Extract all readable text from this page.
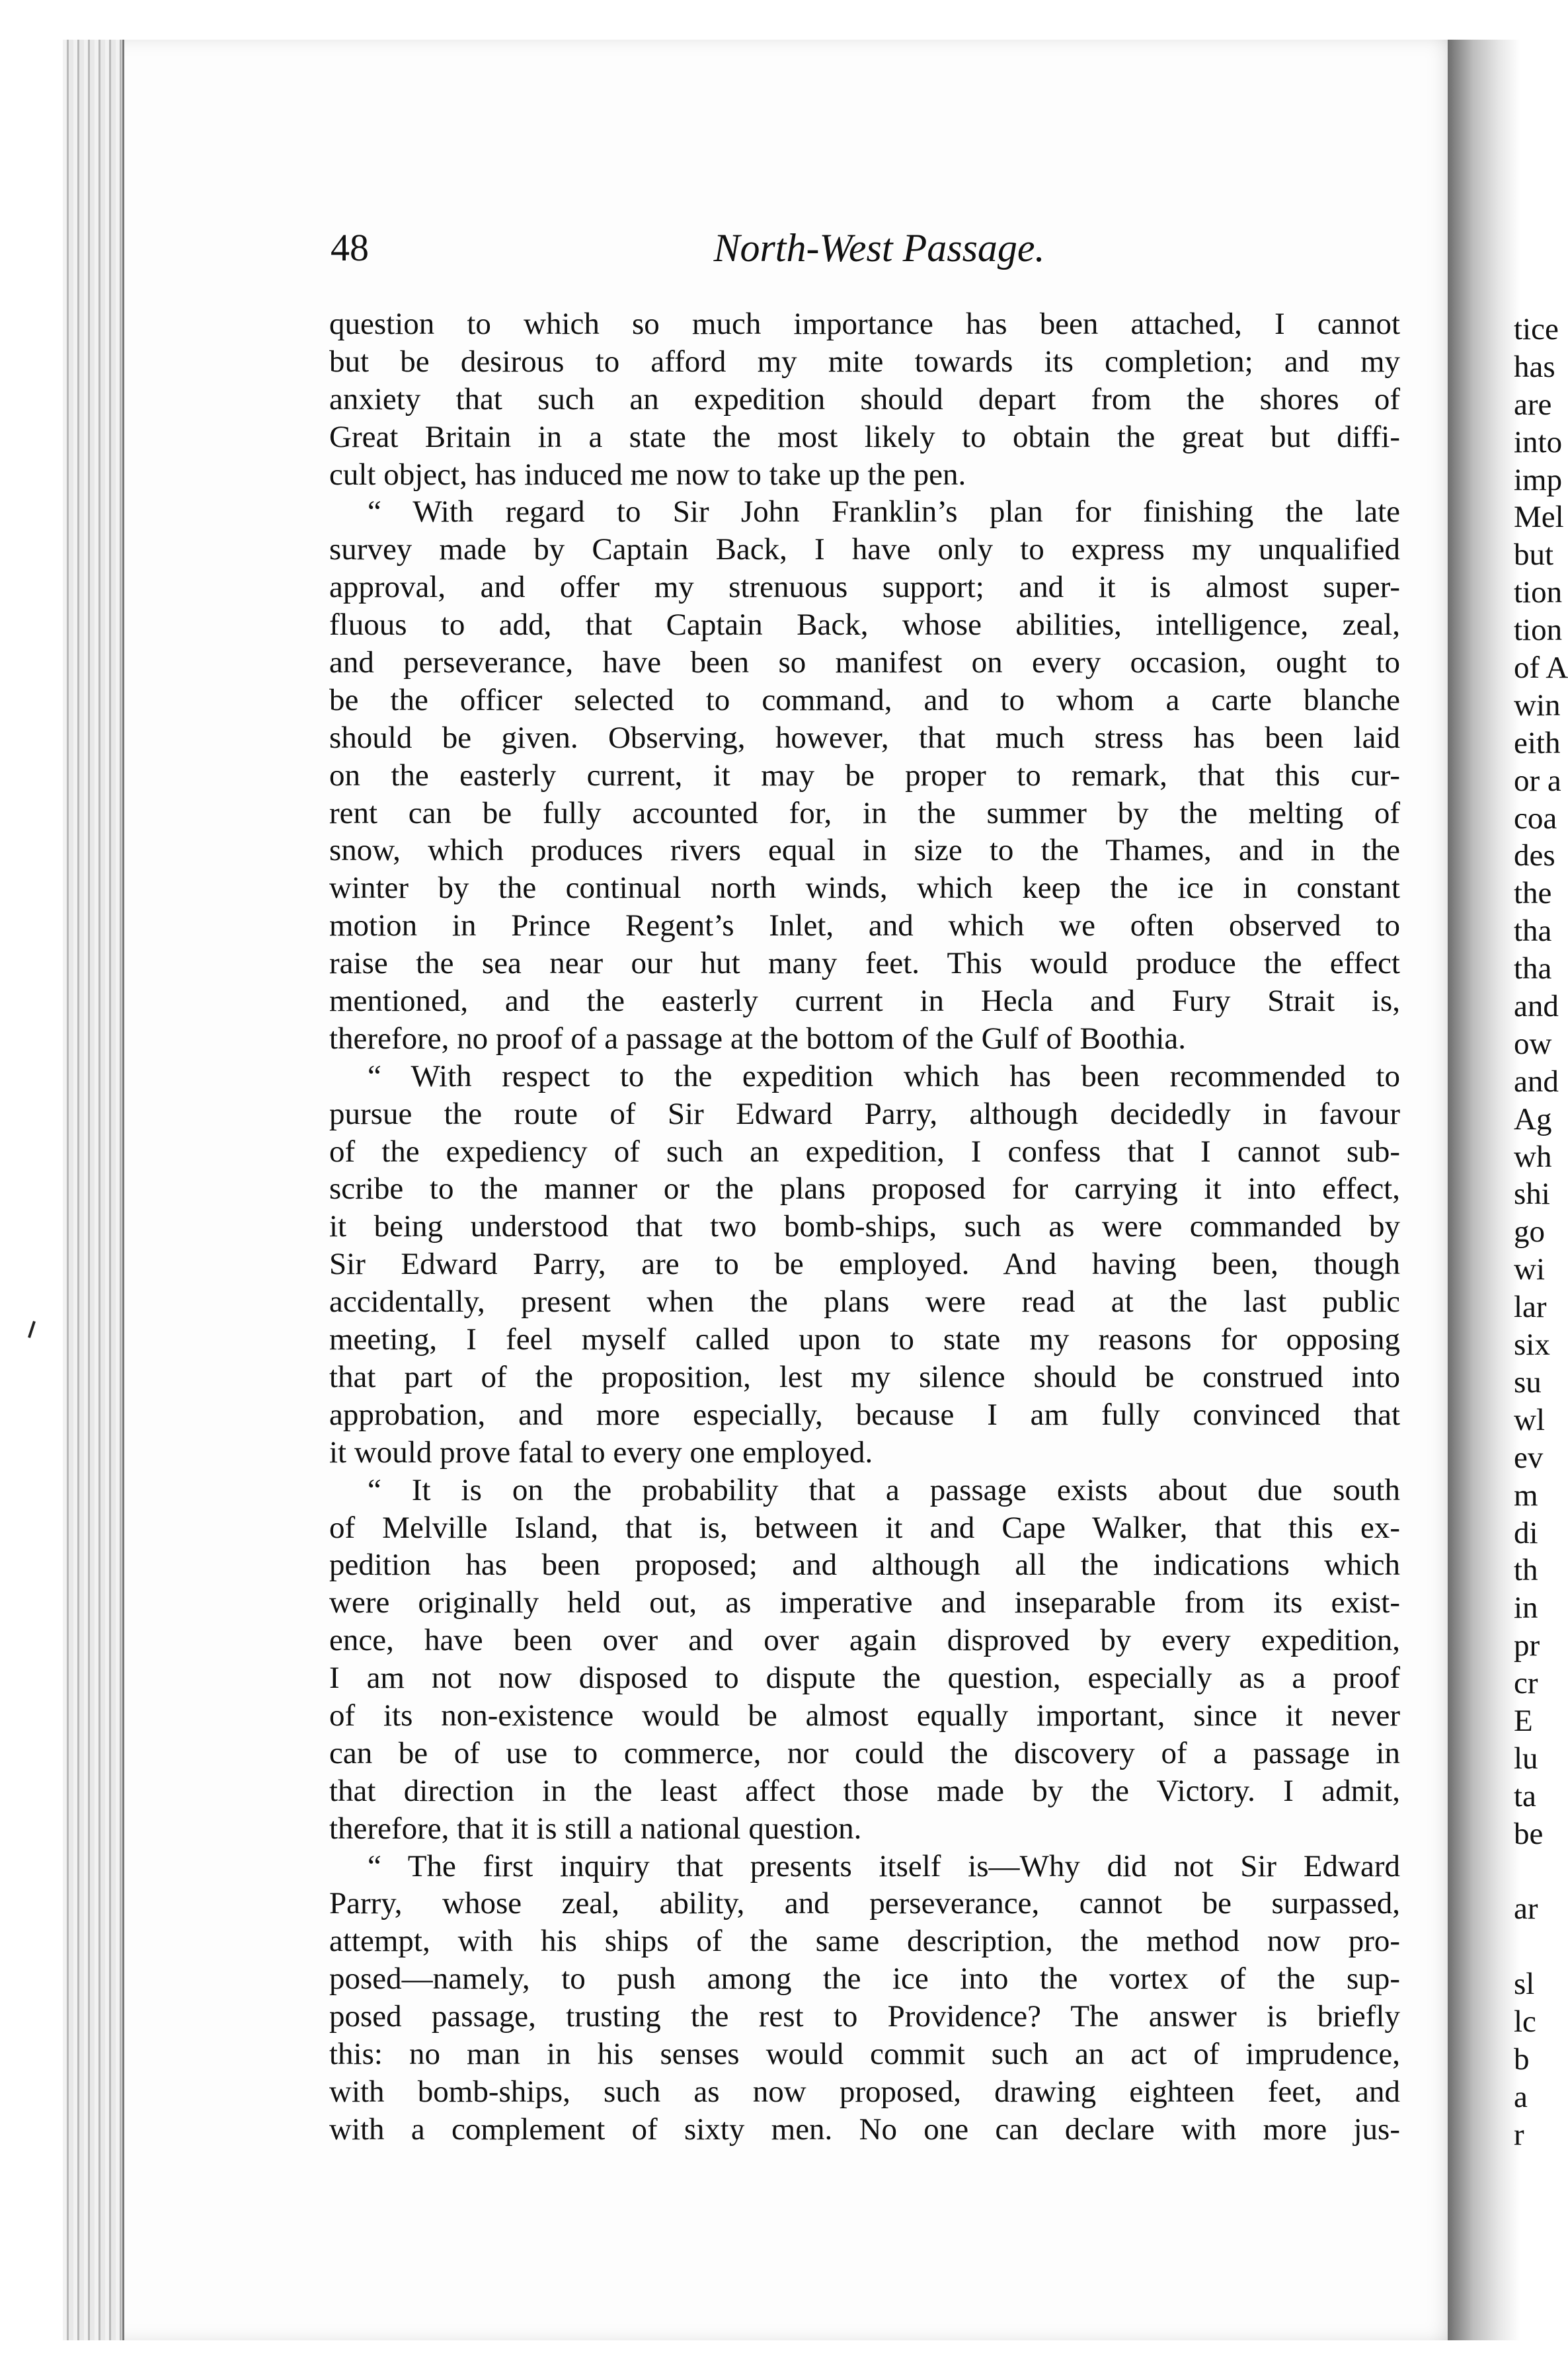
48	North-West Passage.
question to which so much importance has been attached, I cannot
but be desirous to afford my mite towards its completion; and my
anxiety that such an expedition should depart from the shores of
Great Britain in a state the most likely to obtain the great but diffi-
cult object, has induced me now to take up the pen.
“ With regard to Sir John Franklin’s plan for finishing the late
survey made by Captain Back, I have only to express my unqualified
approval, and offer my strenuous support; and it is almost super-
fluous to add, that Captain Back, whose abilities, intelligence, zeal,
and perseverance, have been so manifest on every occasion, ought to
be the officer selected to command, and to whom a carte blanche
should be given. Observing, however, that much stress has been laid
on the easterly current, it may be proper to remark, that this cur-
rent can be fully accounted for, in the summer by the melting of
snow, which produces rivers equal in size to the Thames, and in the
winter by the continual north winds, which keep the ice in constant
motion in Prince Regent’s Inlet, and which we often observed to
raise the sea near our hut many feet. This would produce the effect
mentioned, and the easterly current in Hecla and Fury Strait is,
therefore, no proof of a passage at the bottom of the Gulf of Boothia.
“ With respect to the expedition which has been recommended to
pursue the route of Sir Edward Parry, although decidedly in favour
of the expediency of such an expedition, I confess that I cannot sub-
scribe to the manner or the plans proposed for carrying it into effect,
it being understood that two bomb-ships, such as were commanded by
Sir Edward Parry, are to be employed. And having been, though
accidentally, present when the plans were read at the last public
meeting, I feel myself called upon to state my reasons for opposing
that part of the proposition, lest my silence should be construed into
approbation, and more especially, because I am fully convinced that
it would prove fatal to every one employed.
“ It is on the probability that a passage exists about due south
of Melville Island, that is, between it and Cape Walker, that this ex-
pedition has been proposed; and although all the indications which
were originally held out, as imperative and inseparable from its exist-
ence, have been over and over again disproved by every expedition,
I am not now disposed to dispute the question, especially as a proof
of its non-existence would be almost equally important, since it never
can be of use to commerce, nor could the discovery of a passage in
that direction in the least affect those made by the Victory. I admit,
therefore, that it is still a national question.
“ The first inquiry that presents itself is—Why did not Sir Edward
Parry, whose zeal, ability, and perseverance, cannot be surpassed,
attempt, with his ships of the same description, the method now pro-
posed—namely, to push among the ice into the vortex of the sup-
posed passage, trusting the rest to Providence? The answer is briefly
this: no man in his senses would commit such an act of imprudence,
with bomb-ships, such as now proposed, drawing eighteen feet, and
with a complement of sixty men. No one can declare with more jus-
tice
has
are
into
imp
Mel
but
tion
tion
of A
win
eith
or a
coa
des
the
tha
tha
and
ow
and
Ag
wh
shi
go
wi
lar
six
su
wl
ev
m
di
th
in
pr
cr
E
lu
ta
be
ar
sl
lc
b
a
r
